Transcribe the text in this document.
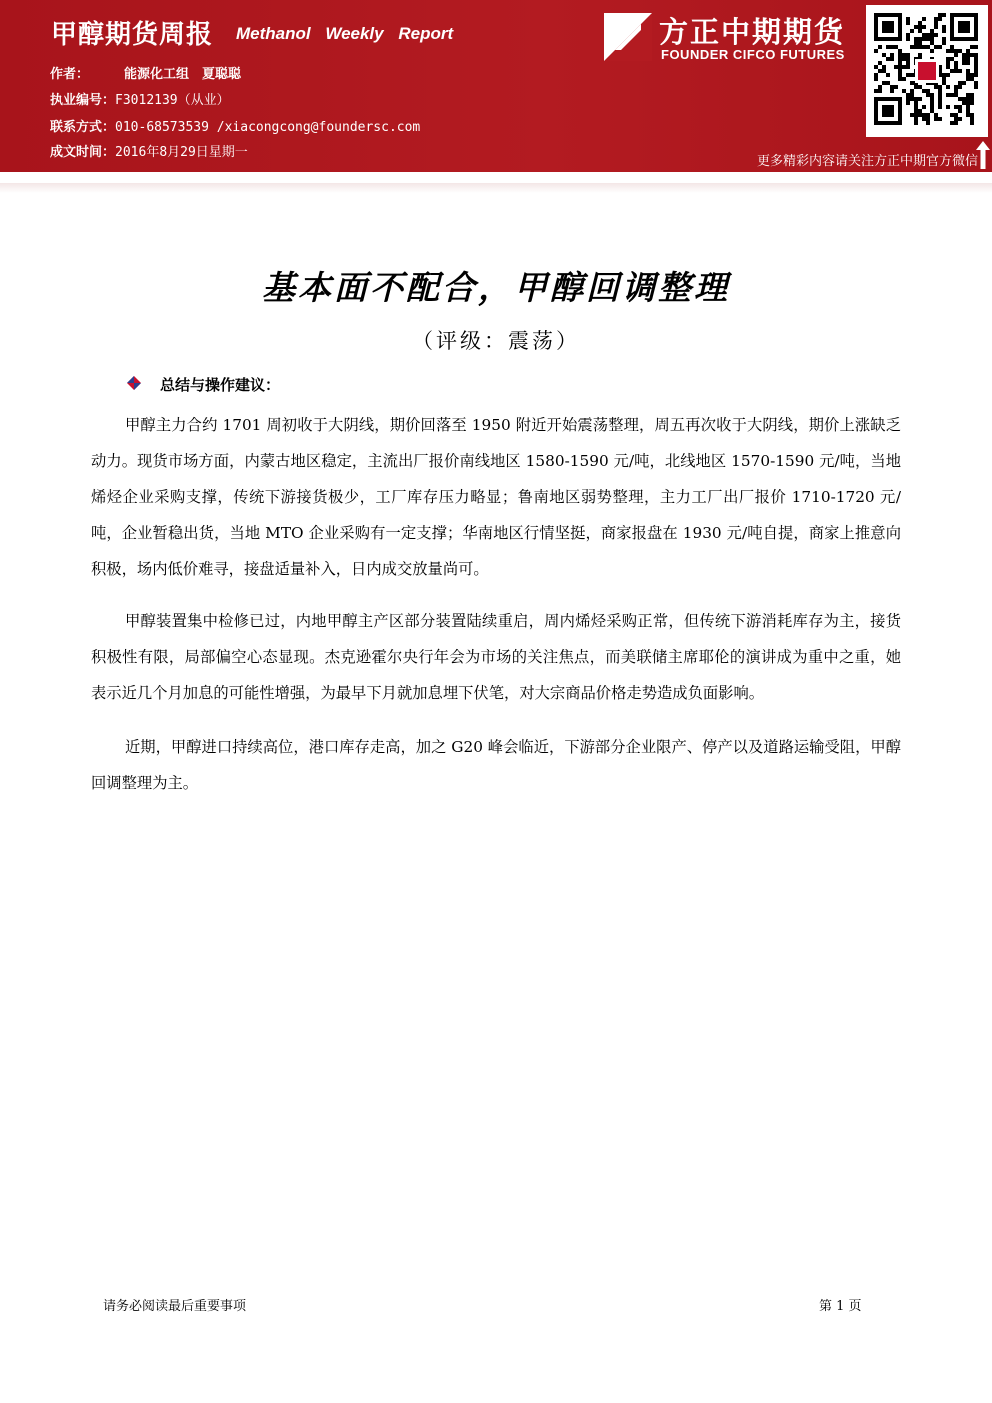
甲醇期货周报 Methanol Weekly Report
作者：	能源化工组　夏聪聪
执业编号：F3012139（从业）
联系方式：010-68573539 /xiacongcong@foundersc.com
成文时间：2016年8月29日星期一
方正中期期货
FOUNDER CIFCO FUTURES
更多精彩内容请关注方正中期官方微信
基本面不配合，甲醇回调整理
（评级：震荡）
总结与操作建议：

甲醇主力合约 1701 周初收于大阴线，期价回落至 1950 附近开始震荡整理，周五再次收于大阴线，期价上涨缺乏动力。现货市场方面，内蒙古地区稳定，主流出厂报价南线地区 1580-1590 元/吨，北线地区 1570-1590 元/吨，当地烯烃企业采购支撑，传统下游接货极少，工厂库存压力略显；鲁南地区弱势整理，主力工厂出厂报价 1710-1720 元/吨，企业暂稳出货，当地 MTO 企业采购有一定支撑；华南地区行情坚挺，商家报盘在 1930 元/吨自提，商家上推意向积极，场内低价难寻，接盘适量补入，日内成交放量尚可。

甲醇装置集中检修已过，内地甲醇主产区部分装置陆续重启，周内烯烃采购正常，但传统下游消耗库存为主，接货积极性有限，局部偏空心态显现。杰克逊霍尔央行年会为市场的关注焦点，而美联储主席耶伦的演讲成为重中之重，她表示近几个月加息的可能性增强，为最早下月就加息埋下伏笔，对大宗商品价格走势造成负面影响。

近期，甲醇进口持续高位，港口库存走高，加之 G20 峰会临近，下游部分企业限产、停产以及道路运输受阻，甲醇回调整理为主。

请务必阅读最后重要事项	第 1 页
